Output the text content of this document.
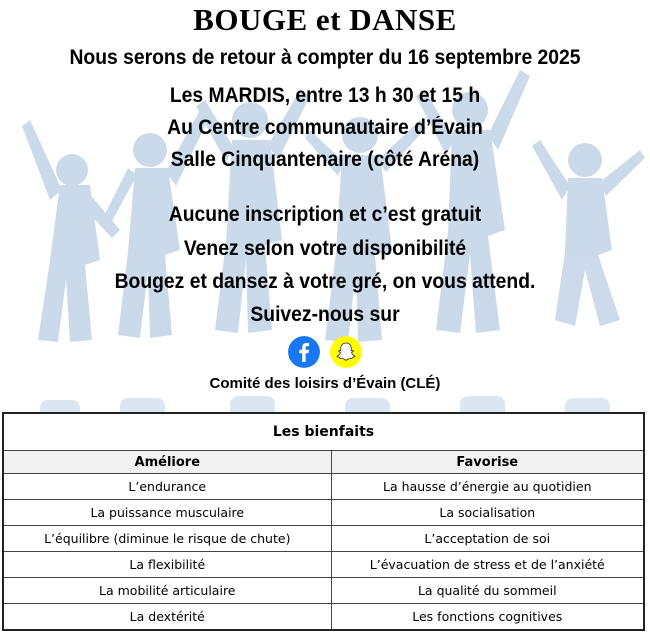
BOUGE et DANSE
Nous serons de retour à compter du 16 septembre 2025
Les MARDIS, entre 13 h 30 et 15 h
Au Centre communautaire d’Évain
Salle Cinquantenaire (côté Aréna)
Aucune inscription et c’est gratuit
Venez selon votre disponibilité
Bougez et dansez à votre gré, on vous attend.
Suivez-nous sur
Comité des loisirs d’Évain (CLÉ)
Les bienfaits	
Améliore	Favorise
L’endurance	La hausse d’énergie au quotidien
La puissance musculaire	La socialisation
L’équilibre (diminue le risque de chute)	L’acceptation de soi
La flexibilité	L’évacuation de stress et de l’anxiété
La mobilité articulaire	La qualité du sommeil
La dextérité	Les fonctions cognitives
